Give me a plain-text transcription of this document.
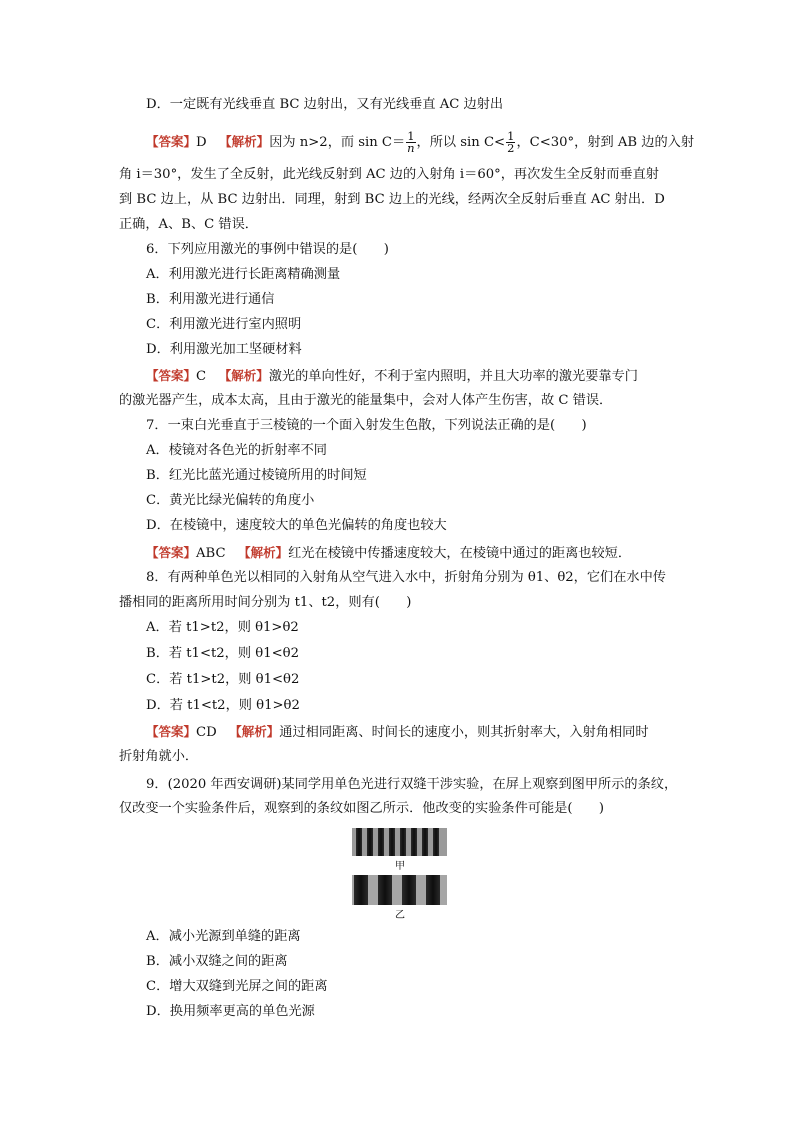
D．一定既有光线垂直 BC 边射出，又有光线垂直 AC 边射出
【答案】D 【解析】因为 n>2，而 $\sin C= \frac{1}{n}$ ，所以 $\sin C< \frac{1}{2}$ ，C<30°，射到 AB 边的入射
角 i＝30°，发生了全反射，此光线反射到 AC 边的入射角 i＝60°，再次发生全反射而垂直射
到 BC 边上，从 BC 边射出．同理，射到 BC 边上的光线，经两次全反射后垂直 AC 射出．D
正确，A、B、C 错误．
6．下列应用激光的事例中错误的是(　　)
A．利用激光进行长距离精确测量
B．利用激光进行通信
C．利用激光进行室内照明
D．利用激光加工坚硬材料
【答案】C 【解析】激光的单向性好，不利于室内照明，并且大功率的激光要靠专门
的激光器产生，成本太高，且由于激光的能量集中，会对人体产生伤害，故 C 错误．
7．一束白光垂直于三棱镜的一个面入射发生色散，下列说法正确的是(　　)
A．棱镜对各色光的折射率不同
B．红光比蓝光通过棱镜所用的时间短
C．黄光比绿光偏转的角度小
D．在棱镜中，速度较大的单色光偏转的角度也较大
【答案】ABC 【解析】红光在棱镜中传播速度较大，在棱镜中通过的距离也较短．
8．有两种单色光以相同的入射角从空气进入水中，折射角分别为 θ1、θ2，它们在水中传
播相同的距离所用时间分别为 t1、t2，则有(　　)
A．若 t1>t2，则 θ1>θ2
B．若 t1<t2，则 θ1<θ2
C．若 t1>t2，则 θ1<θ2
D．若 t1<t2，则 θ1>θ2
【答案】CD 【解析】通过相同距离、时间长的速度小，则其折射率大，入射角相同时
折射角就小．
9．(2020 年西安调研)某同学用单色光进行双缝干涉实验，在屏上观察到图甲所示的条纹，
仅改变一个实验条件后，观察到的条纹如图乙所示．他改变的实验条件可能是(　　)
甲
乙
A．减小光源到单缝的距离
B．减小双缝之间的距离
C．增大双缝到光屏之间的距离
D．换用频率更高的单色光源
